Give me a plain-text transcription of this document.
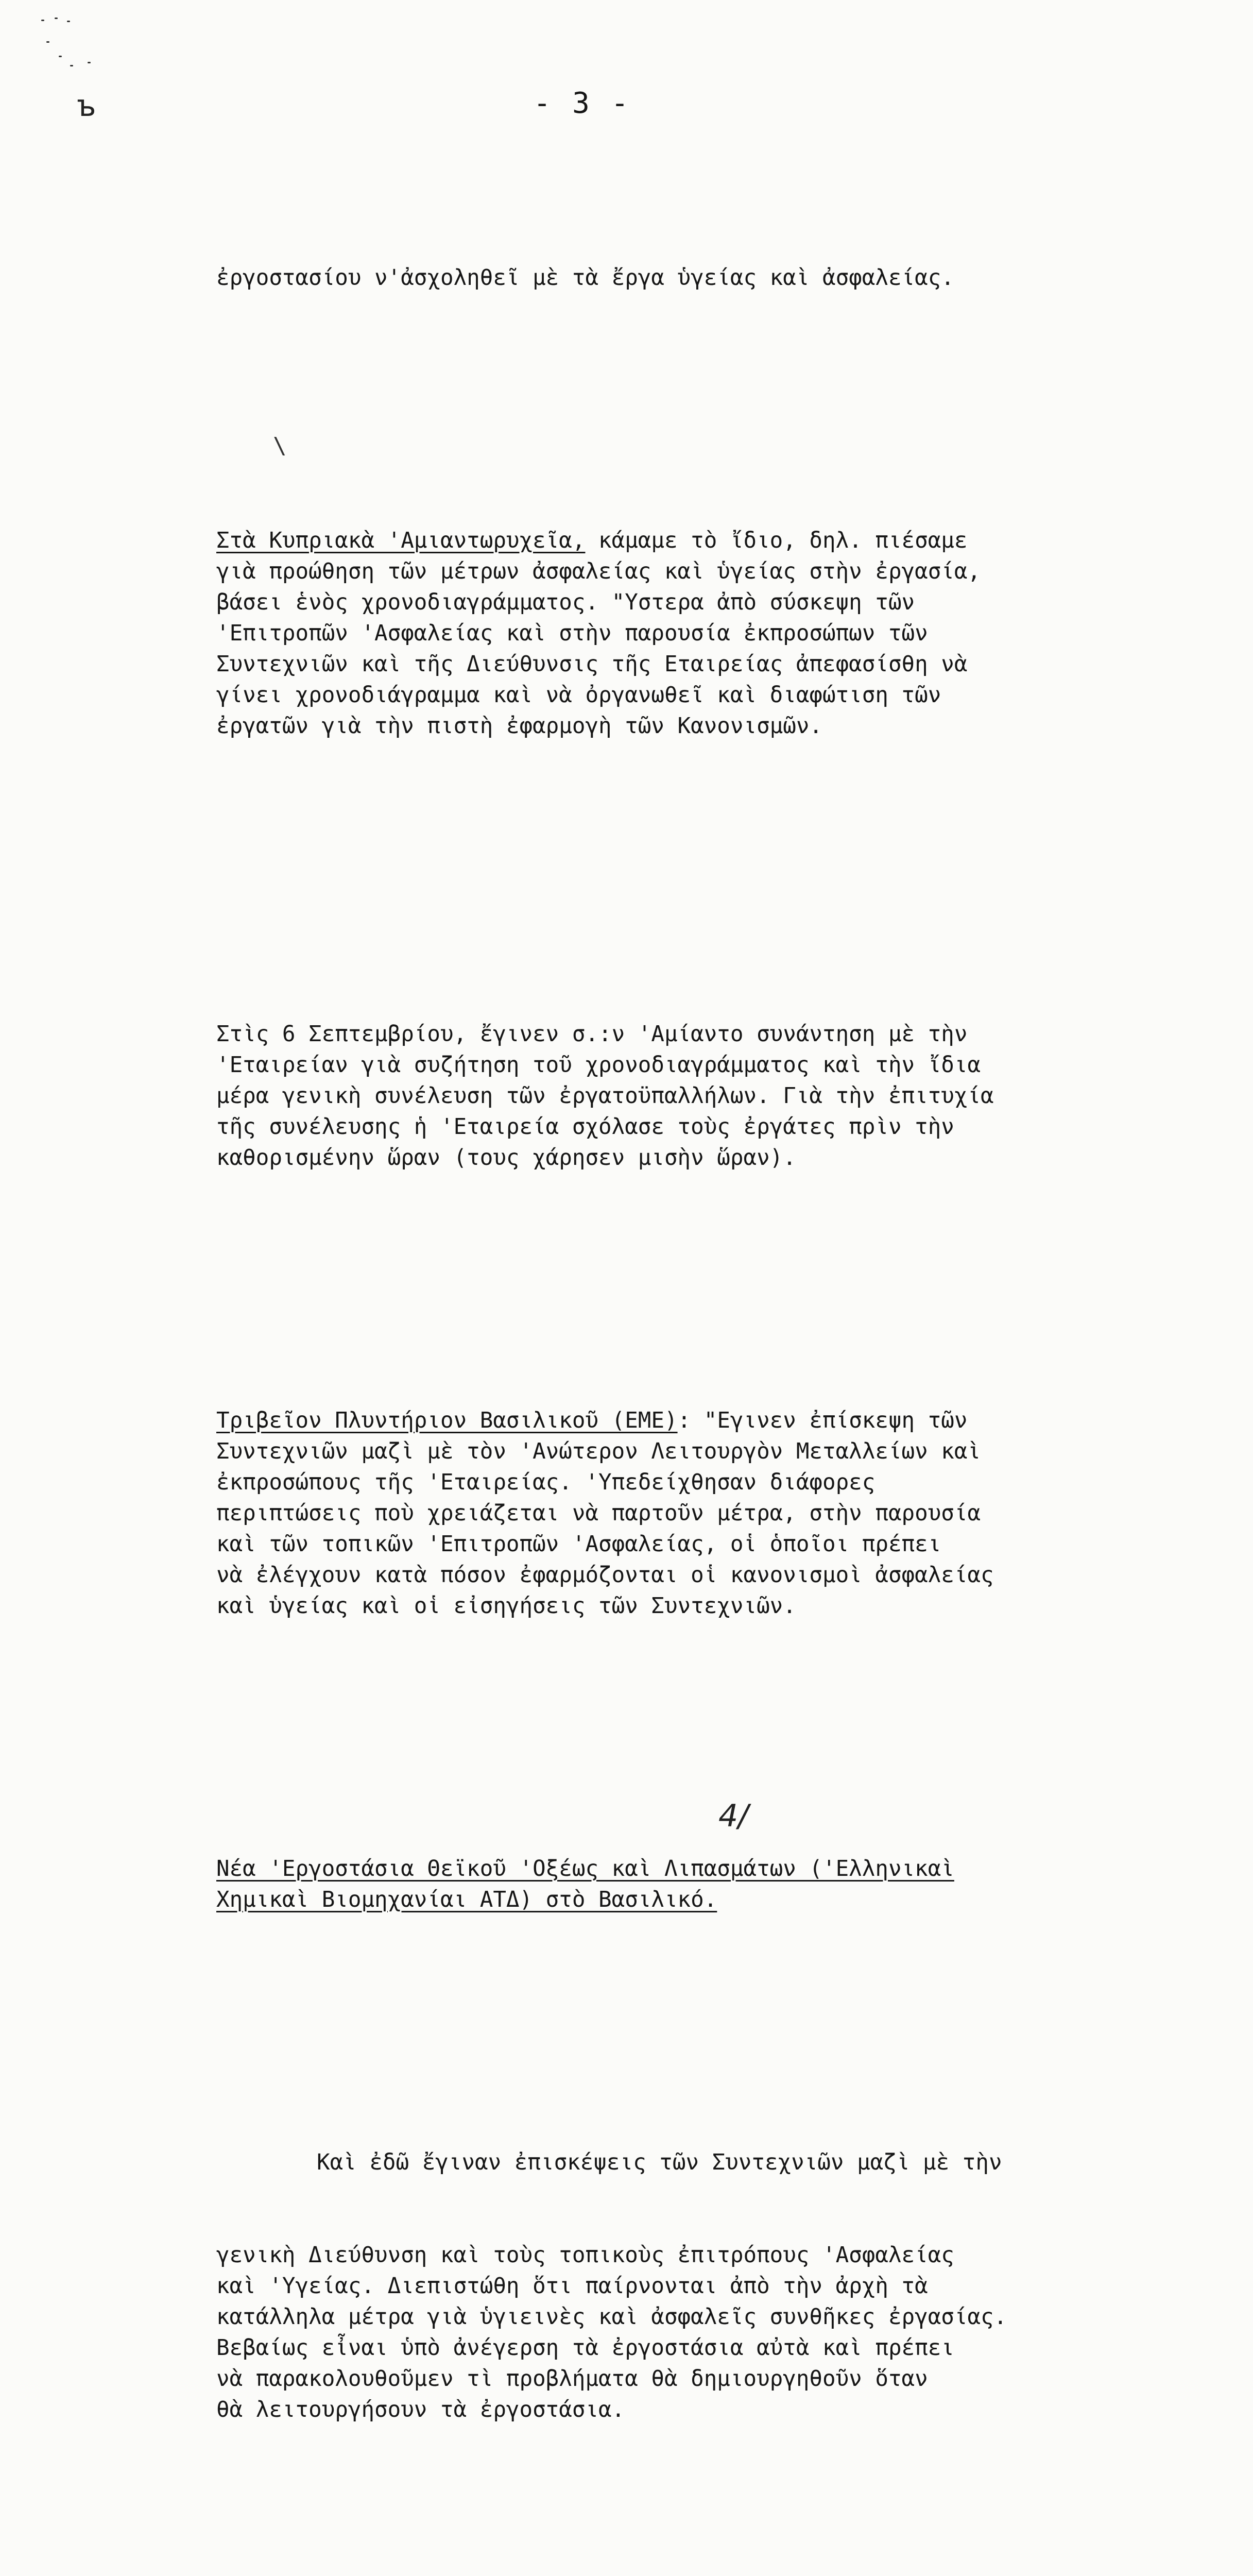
ъ	- 3 -

ἐργοστασίου ν'ἀσχοληθεῖ μὲ τὰ ἔργα ὑγείας καὶ ἀσφαλείας.

Στὰ Κυπριακὰ 'Αμιαντωρυχεῖα, κάμαμε τὸ ἴδιο, δηλ. πιέσαμε
γιὰ προώθηση τῶν μέτρων ἀσφαλείας καὶ ὑγείας στὴν ἐργασία,
βάσει ἑνὸς χρονοδιαγράμματος. "Υστερα ἀπὸ σύσκεψη τῶν
'Επιτροπῶν 'Ασφαλείας καὶ στὴν παρουσία ἐκπροσώπων τῶν
Συντεχνιῶν καὶ τῆς Διεύθυνσις τῆς Εταιρείας ἀπεφασίσθη νὰ
γίνει χρονοδιάγραμμα καὶ νὰ ὀργανωθεῖ καὶ διαφώτιση τῶν
ἐργατῶν γιὰ τὴν πιστὴ ἐφαρμογὴ τῶν Κανονισμῶν.

Στὶς 6 Σεπτεμβρίου, ἔγινεν σ.:ν 'Αμίαντο συνάντηση μὲ τὴν
'Εταιρείαν γιὰ συζήτηση τοῦ χρονοδιαγράμματος καὶ τὴν ἴδια
μέρα γενικὴ συνέλευση τῶν ἐργατοϋπαλλήλων. Γιὰ τὴν ἐπιτυχία
τῆς συνέλευσης ἡ 'Εταιρεία σχόλασε τοὺς ἐργάτες πρὶν τὴν
καθορισμένην ὥραν (τους χάρησεν μισὴν ὥραν).

Τριβεῖον Πλυντήριον Βασιλικοῦ (ΕΜΕ): "Εγινεν ἐπίσκεψη τῶν
Συντεχνιῶν μαζὶ μὲ τὸν 'Ανώτερον Λειτουργὸν Μεταλλείων καὶ
ἐκπροσώπους τῆς 'Εταιρείας. 'Υπεδείχθησαν διάφορες
περιπτώσεις ποὺ χρειάζεται νὰ παρτοῦν μέτρα, στὴν παρουσία
καὶ τῶν τοπικῶν 'Επιτροπῶν 'Ασφαλείας, οἱ ὁποῖοι πρέπει
νὰ ἐλέγχουν κατὰ πόσον ἐφαρμόζονται οἱ κανονισμοὶ ἀσφαλείας
καὶ ὑγείας καὶ οἱ εἰσηγήσεις τῶν Συντεχνιῶν.

Νέα 'Εργοστάσια Θεϊκοῦ 'Οξέως καὶ Λιπασμάτων ('Ελληνικαὶ
Χημικαὶ Βιομηχανίαι ΑΤΔ) στὸ Βασιλικό.

Καὶ ἐδῶ ἔγιναν ἐπισκέψεις τῶν Συντεχνιῶν μαζὶ μὲ τὴν

γενικὴ Διεύθυνση καὶ τοὺς τοπικοὺς ἐπιτρόπους 'Ασφαλείας
καὶ 'Υγείας. Διεπιστώθη ὅτι παίρνονται ἀπὸ τὴν ἀρχὴ τὰ
κατάλληλα μέτρα γιὰ ὑγιεινὲς καὶ ἀσφαλεῖς συνθῆκες ἐργασίας.
Βεβαίως εἶναι ὑπὸ ἀνέγερση τὰ ἐργοστάσια αὐτὰ καὶ πρέπει
νὰ παρακολουθοῦμεν τὶ προβλήματα θὰ δημιουργηθοῦν ὅταν
θὰ λειτουργήσουν τὰ ἐργοστάσια.

\
4/
